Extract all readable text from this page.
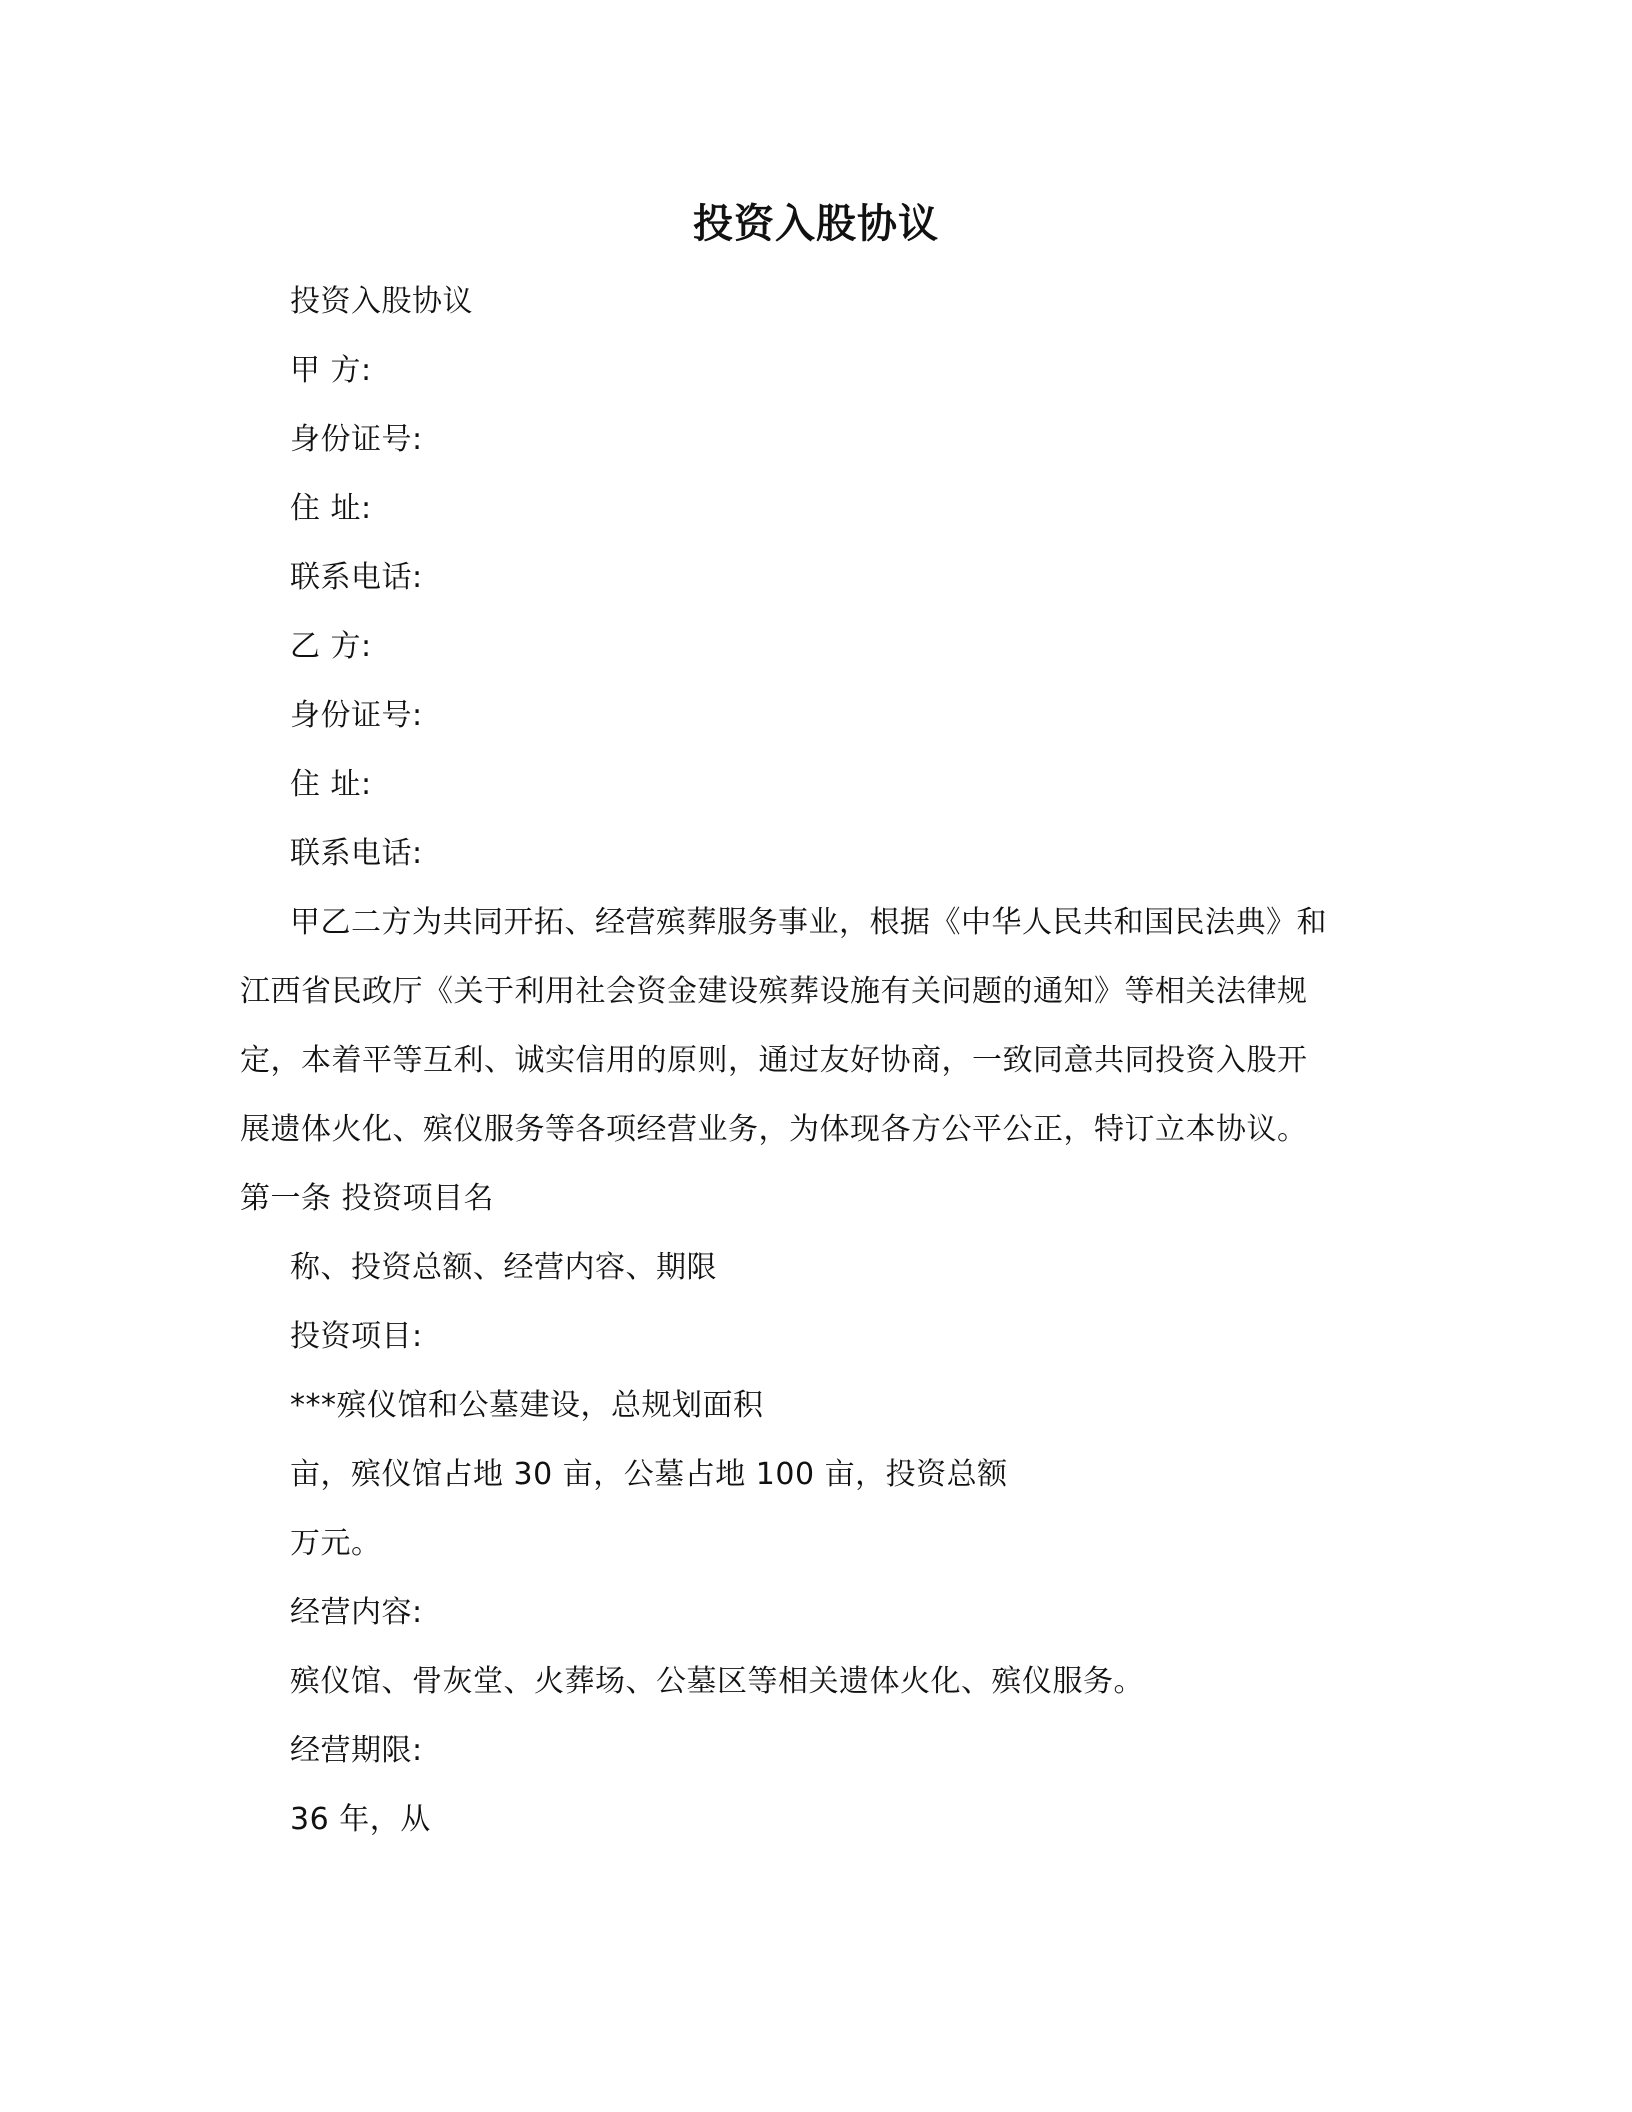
投资入股协议
投资入股协议
甲 方:
身份证号:
住 址:
联系电话:
乙 方:
身份证号:
住 址:
联系电话:
甲乙二方为共同开拓、经营殡葬服务事业，根据《中华人民共和国民法典》和
江西省民政厅《关于利用社会资金建设殡葬设施有关问题的通知》等相关法律规
定，本着平等互利、诚实信用的原则，通过友好协商，一致同意共同投资入股开
展遗体火化、殡仪服务等各项经营业务，为体现各方公平公正，特订立本协议。
第一条 投资项目名
称、投资总额、经营内容、期限
投资项目:
***殡仪馆和公墓建设，总规划面积
亩，殡仪馆占地 30 亩，公墓占地 100 亩，投资总额
万元。
经营内容:
殡仪馆、骨灰堂、火葬场、公墓区等相关遗体火化、殡仪服务。
经营期限:
36 年，从
